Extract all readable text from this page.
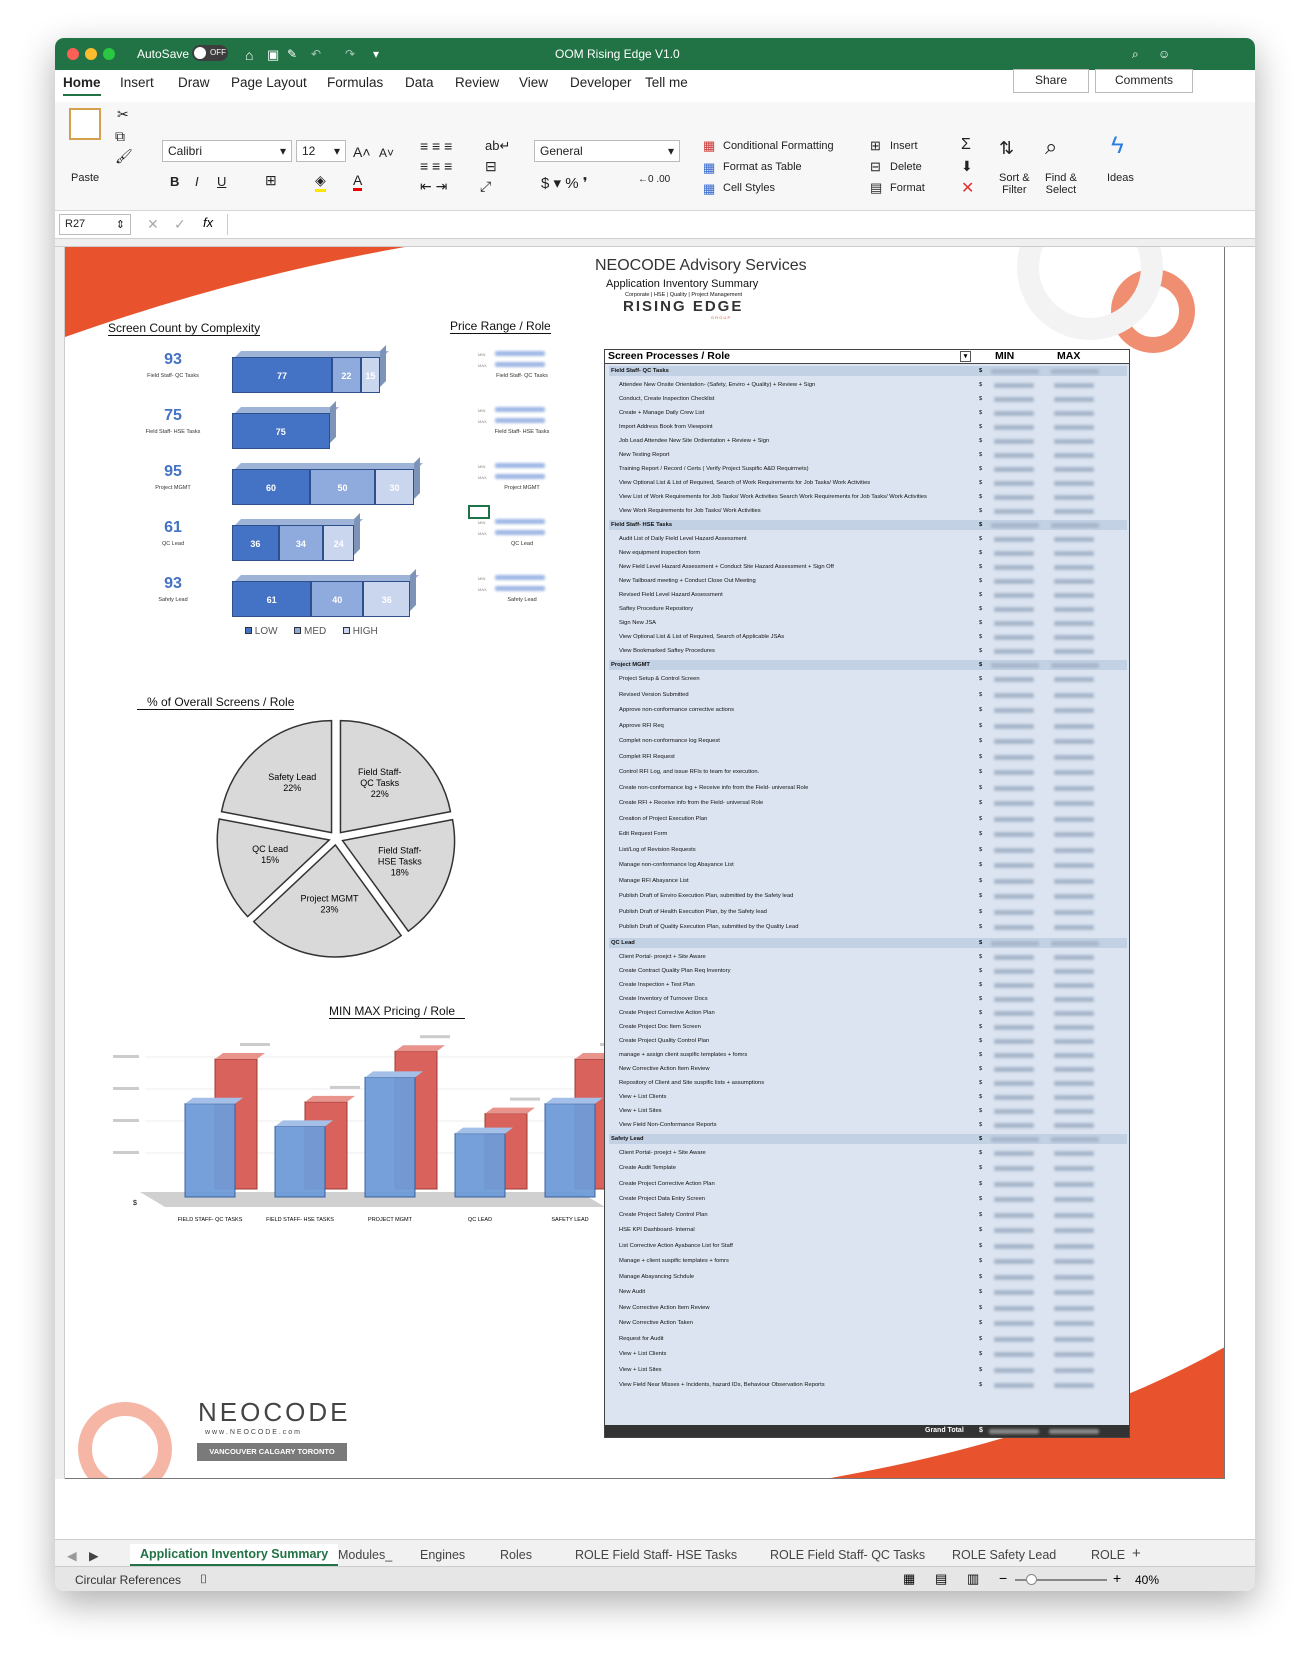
AutoSave	OFF ⌂ ▣ ✎ ↶ ↷ ▾	OOM Rising Edge V1.0	⌕ ☺
Share	Comments
Paste
✂
⧉
🖌	Calibri	▾	12 ▾ A˄ A˅
B I U	⊞	◈ A
≡ ≡ ≡
≡ ≡ ≡
⇤ ⇥
ab↵
⊟
⤢
General	▾
$ ▾ % ❜	←0 .00
▦ Conditional Formatting
▦ Format as Table
▦ Cell Styles
⊞ Insert
⊟ Delete
▤ Format
Σ
⬇
✕
⇅
Sort &
Filter
⌕
Find &
Select
ϟ
Ideas
R27	⇕ ✕ ✓ fx
NEOCODE Advisory Services
Application Inventory Summary
Corporate | HSE | Quality | Project Management
RISING EDGE
G R O U P
Screen Count by Complexity
93
Field Staff- QC Tasks	77	22	15
75
Field Staff- HSE Tasks	75
95
Project MGMT	60	50	30
61
QC Lead	36	34	24
93
Safety Lead	61	40	36
LOW	MED	HIGH
Price Range / Role
MIN
MAX
Field Staff- QC Tasks
MIN
MAX
Field Staff- HSE Tasks
MIN
MAX
Project MGMT
MIN
MAX
QC Lead
MIN
MAX
Safety Lead
% of Overall Screens / Role
Field Staff-QC Tasks
22%
Field Staff-HSE Tasks
18%
Project MGMT
23%
QC Lead
15%
Safety Lead
22%
MIN MAX Pricing / Role
$
FIELD STAFF- QC TASKS	FIELD STAFF- HSE TASKS	PROJECT MGMT	QC LEAD	SAFETY LEAD
NEOCODE
w w w . N E O C O D E . c o m
VANCOUVER CALGARY TORONTO
Screen Processes / Role	▾	MIN	MAX
Field Staff- QC Tasks	$
Attendee New Onsite Orientation- (Safety, Enviro + Quality) + Review + Sign	$
Conduct, Create Inspection Checklist	$
Create + Manage Daily Crew List	$
Import Address Book from Viewpoint	$
Job Lead Attendee New Site Ordientation + Review + Sign	$
New Testing Report	$
Training Report / Record / Certs ( Verify Project Suspific A&D Requirmets)	$
View Optional List & List of Required, Search of Work Requirements for Job Tasks/ Work Activities	$
View List of Work Requirements for Job Tasks/ Work Activities Search Work Requirements for Job Tasks/ Work Activities	$
View Work Requirements for Job Tasks/ Work Activities	$
Field Staff- HSE Tasks	$
Audit List of Daily Field Level Hazard Assessment	$
New equipment inspection form	$
New Field Level Hazard Assessment + Conduct Site Hazard Assessment + Sign Off	$
New Tailboard meeting + Conduct Close Out Meeting	$
Revised Field Level Hazard Assessment	$
Saftey Procedure Repository	$
Sign New JSA	$
View Optional List & List of Required, Search of Applicable JSAs	$
View Bookmarked Saftey Procedures	$
Project MGMT	$
Project Setup & Control Screen	$
Revised Version Submitted	$
Approve non-conformance corrective actions	$
Approve RFI Req	$
Complet non-conformance log Request	$
Complet RFI Request	$
Control RFI Log, and issue RFIs to team for execution.	$
Create non-conformance log + Receive info from the Field- universal Role	$
Create RFI + Receive info from the Field- universal Role	$
Creation of Project Execution Plan	$
Edit Request Form	$
List/Log of Revision Requests	$
Manage non-conformance log Abayance List	$
Manage RFI Abayance List	$
Publish Draft of Enviro Execution Plan, submitted by the Safety lead	$
Publish Draft of Health Execution Plan, by the Safety lead	$
Publish Draft of Quality Execution Plan, submitted by the Quality Lead	$
QC Lead	$
Client Portal- proejct + Site Aware	$
Create Contract Quality Plan Req Inventory	$
Create Inspection + Test Plan	$
Create Inventory of Turnover Docs	$
Create Project Corrective Action Plan	$
Create Project Doc Item Screen	$
Create Project Quality Control Plan	$
manage + assign client suspific templates + fomrs	$
New Corrective Action Item Review	$
Repository of Client and Site suspific lists + assumptions	$
View + List Clients	$
View + List Sites	$
View Field Non-Conformance Reports	$
Safety Lead	$
Client Portal- proejct + Site Aware	$
Create Audit Template	$
Create Project Corrective Action Plan	$
Create Project Data Entry Screen	$
Create Project Safety Control Plan	$
HSE KPI Dashboard- Internal	$
List Corrective Action Ayabance List for Staff	$
Manage + client suspific templates + fomrs	$
Manage Abayancing Schdule	$
New Audit	$
New Corrective Action Item Review	$
New Corrective Action Taken	$
Request for Audit	$
View + List Clients	$
View + List Sites	$
View Field Near Misses + Incidents, hazard IDs, Behaviour Observation Reports	$
Grand Total $
◀ ▶	Application Inventory Summary Modules_ Engines	Roles	ROLE Field Staff- HSE Tasks	ROLE Field Staff- QC Tasks ROLE Safety Lead	ROLE +
Circular References ⌷	▦ ▤ ▥ −	+ 40%
Home Insert Draw Page Layout Formulas Data Review View Developer Tell me
